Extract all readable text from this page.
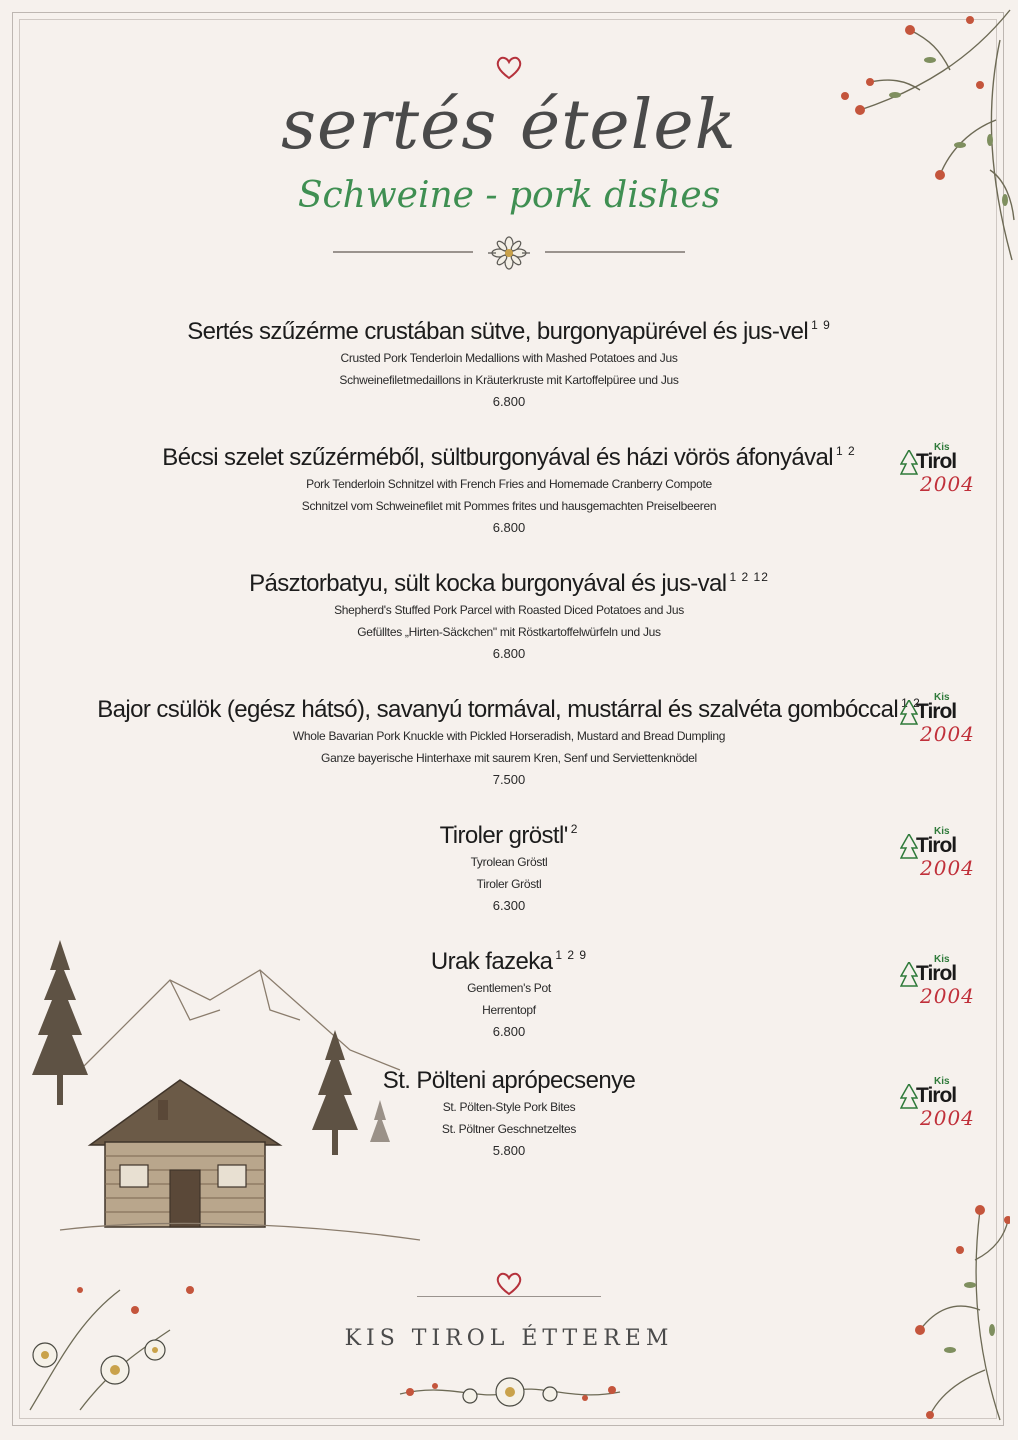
sertés ételek
Schweine - pork dishes
Sertés szűzérme crustában sütve, burgonyapürével és jus-vel $^{1 9}$
Crusted Pork Tenderloin Medallions with Mashed Potatoes and Jus
Schweinefiletmedaillons in Kräuterkruste mit Kartoffelpüree und Jus
6.800
Bécsi szelet szűzérméből, sültburgonyával és házi vörös áfonyával $^{1 2}$
Pork Tenderloin Schnitzel with French Fries and Homemade Cranberry Compote
Schnitzel vom Schweinefilet mit Pommes frites und hausgemachten Preiselbeeren
6.800
Pásztorbatyu, sült kocka burgonyával és jus-val $^{1 2 12}$
Shepherd's Stuffed Pork Parcel with Roasted Diced Potatoes and Jus
Gefülltes „Hirten-Säckchen" mit Röstkartoffelwürfeln und Jus
6.800
Bajor csülök (egész hátsó), savanyú tormával, mustárral és szalvéta gombóccal $^{1 2}$
Whole Bavarian Pork Knuckle with Pickled Horseradish, Mustard and Bread Dumpling
Ganze bayerische Hinterhaxe mit saurem Kren, Senf und Serviettenknödel
7.500
Tiroler gröstl' $^2$
Tyrolean Gröstl
Tiroler Gröstl
6.300
Urak fazeka $^{1 2 9}$
Gentlemen's Pot
Herrentopf
6.800
St. Pölteni aprópecsenye
St. Pölten-Style Pork Bites
St. Pöltner Geschnetzeltes
5.800
Kis
Tirol
2004
Kis
Tirol
2004
Kis
Tirol
2004
Kis
Tirol
2004
Kis
Tirol
2004
KIS TIROL ÉTTEREM
